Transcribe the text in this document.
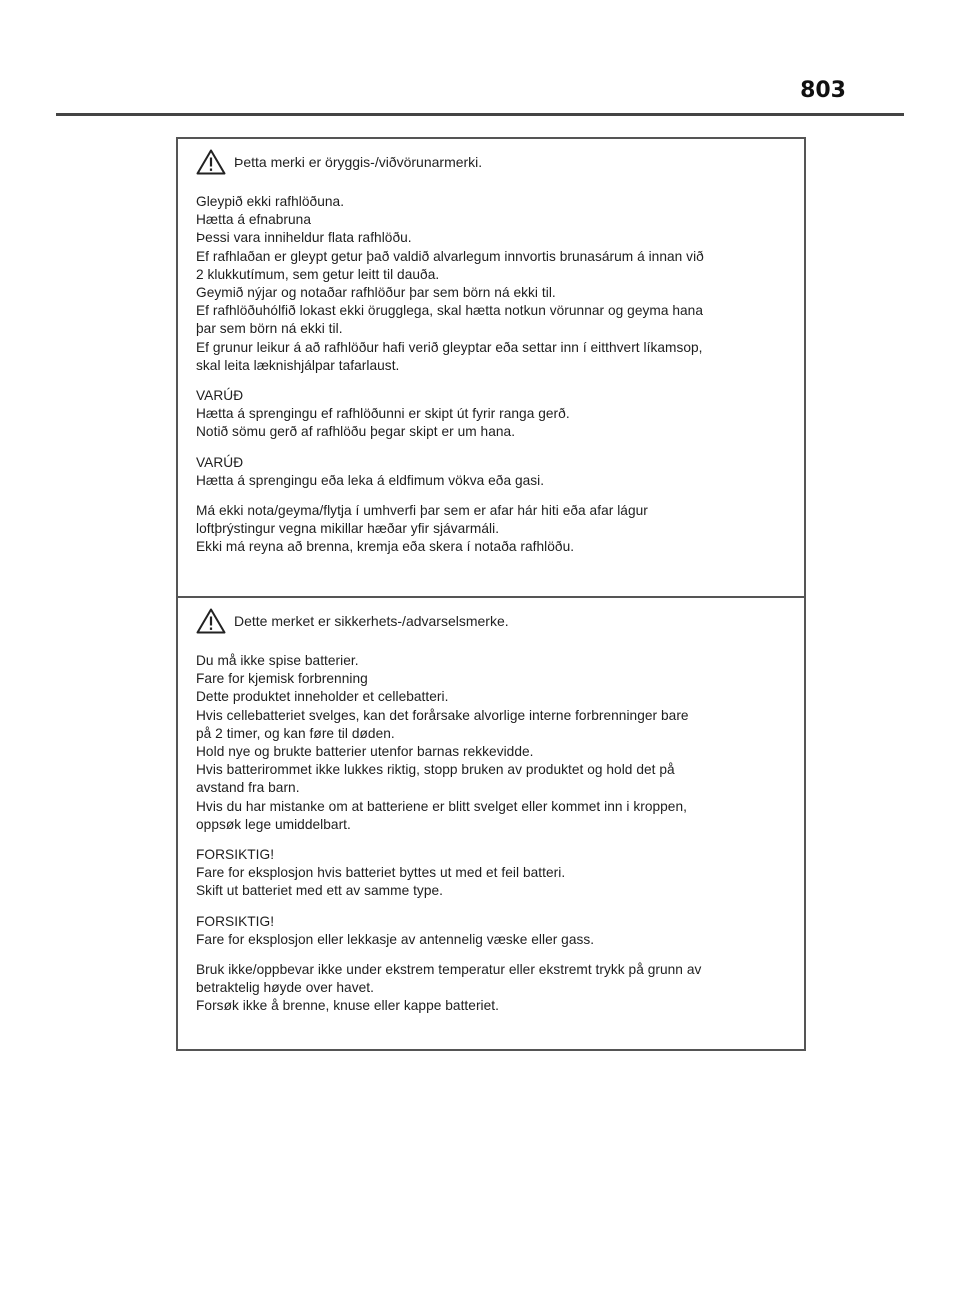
803
Þetta merki er öryggis-/viðvörunarmerki.
Gleypið ekki rafhlöðuna.
Hætta á efnabruna
Þessi vara inniheldur flata rafhlöðu.
Ef rafhlaðan er gleypt getur það valdið alvarlegum innvortis brunasárum á innan við
2 klukkutímum, sem getur leitt til dauða.
Geymið nýjar og notaðar rafhlöður þar sem börn ná ekki til.
Ef rafhlöðuhólfið lokast ekki örugglega, skal hætta notkun vörunnar og geyma hana
þar sem börn ná ekki til.
Ef grunur leikur á að rafhlöður hafi verið gleyptar eða settar inn í eitthvert líkamsop,
skal leita læknishjálpar tafarlaust.
VARÚÐ
Hætta á sprengingu ef rafhlöðunni er skipt út fyrir ranga gerð.
Notið sömu gerð af rafhlöðu þegar skipt er um hana.
VARÚÐ
Hætta á sprengingu eða leka á eldfimum vökva eða gasi.
Má ekki nota/geyma/flytja í umhverfi þar sem er afar hár hiti eða afar lágur
loftþrýstingur vegna mikillar hæðar yfir sjávarmáli.
Ekki má reyna að brenna, kremja eða skera í notaða rafhlöðu.
Dette merket er sikkerhets-/advarselsmerke.
Du må ikke spise batterier.
Fare for kjemisk forbrenning
Dette produktet inneholder et cellebatteri.
Hvis cellebatteriet svelges, kan det forårsake alvorlige interne forbrenninger bare
på 2 timer, og kan føre til døden.
Hold nye og brukte batterier utenfor barnas rekkevidde.
Hvis batterirommet ikke lukkes riktig, stopp bruken av produktet og hold det på
avstand fra barn.
Hvis du har mistanke om at batteriene er blitt svelget eller kommet inn i kroppen,
oppsøk lege umiddelbart.
FORSIKTIG!
Fare for eksplosjon hvis batteriet byttes ut med et feil batteri.
Skift ut batteriet med ett av samme type.
FORSIKTIG!
Fare for eksplosjon eller lekkasje av antennelig væske eller gass.
Bruk ikke/oppbevar ikke under ekstrem temperatur eller ekstremt trykk på grunn av
betraktelig høyde over havet.
Forsøk ikke å brenne, knuse eller kappe batteriet.
